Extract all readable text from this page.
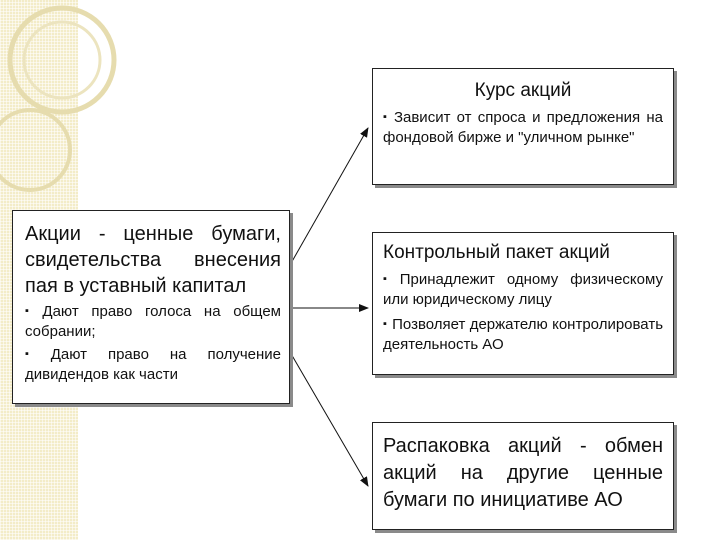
Акции - ценные бумаги, свидетельства внесения пая в уставный капитал
▪ Дают право голоса на общем собрании;
▪ Дают право на получение дивидендов как части
Курс акций
▪ Зависит от спроса и предложения на фондовой бирже и "уличном рынке"
Контрольный пакет акций
▪ Принадлежит одному физическому или юридическому лицу
▪ Позволяет держателю контролировать деятельность АО
Распаковка акций - обмен акций на другие ценные бумаги по инициативе АО
